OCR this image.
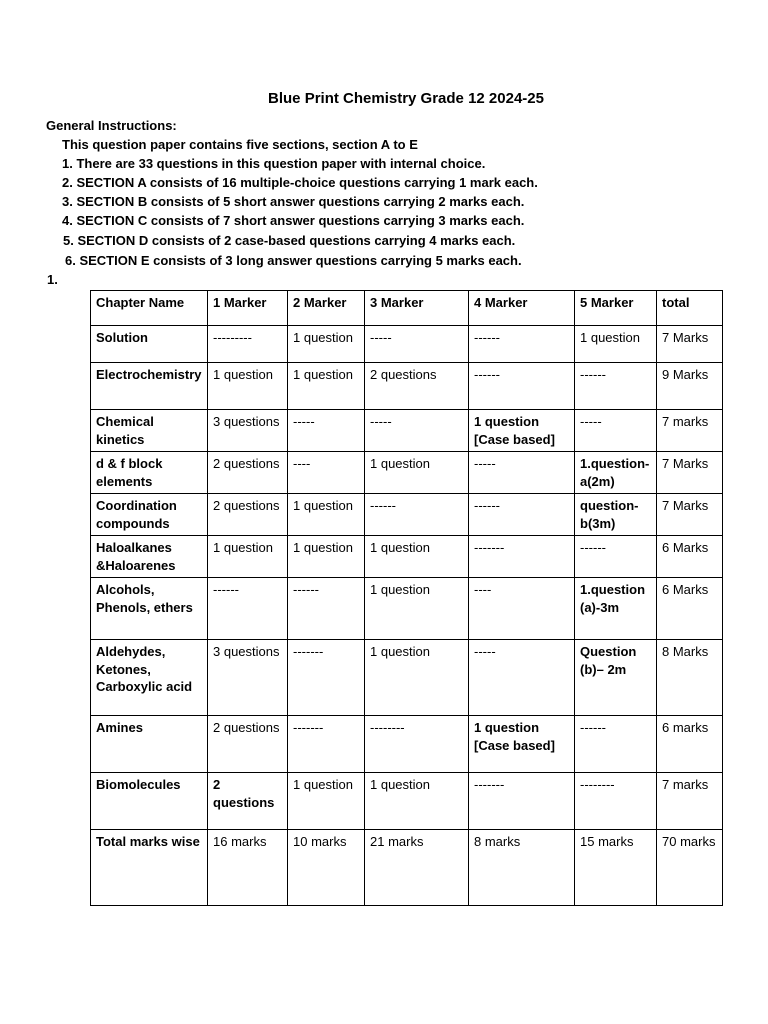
Blue Print Chemistry Grade 12 2024-25
General Instructions:
This question paper contains five sections, section A to E
1. There are 33 questions in this question paper with internal choice.
2. SECTION A consists of 16 multiple-choice questions carrying 1 mark each.
3. SECTION B consists of 5 short answer questions carrying 2 marks each.
4. SECTION C consists of 7 short answer questions carrying 3 marks each.
5. SECTION D consists of 2 case-based questions carrying 4 marks each.
6. SECTION E consists of 3 long answer questions carrying 5 marks each.
1.
Chapter Name	1 Marker	2 Marker	3 Marker	4 Marker	5 Marker	total
Solution	---------	1 question	-----	------	1 question	7 Marks
Electrochemistry	1 question	1 question	2 questions	------	------	9 Marks
Chemical kinetics	3 questions	-----	-----	1 question [Case based]	-----	7 marks
d & f block elements	2 questions	----	1 question	-----	1.question-a(2m)	7 Marks
Coordination compounds	2 questions	1 question	------	------	question-b(3m)	7 Marks
Haloalkanes &Haloarenes	1 question	1 question	1 question	-------	------	6 Marks
Alcohols, Phenols, ethers	------	------	1 question	----	1.question (a)-3m	6 Marks
Aldehydes, Ketones, Carboxylic acid	3 questions	-------	1 question	-----	Question (b)– 2m	8 Marks
Amines	2 questions	-------	--------	1 question [Case based]	------	6 marks
Biomolecules	2 questions	1 question	1 question	-------	--------	7 marks
Total marks wise	16 marks	10 marks	21 marks	8 marks	15 marks	70 marks
